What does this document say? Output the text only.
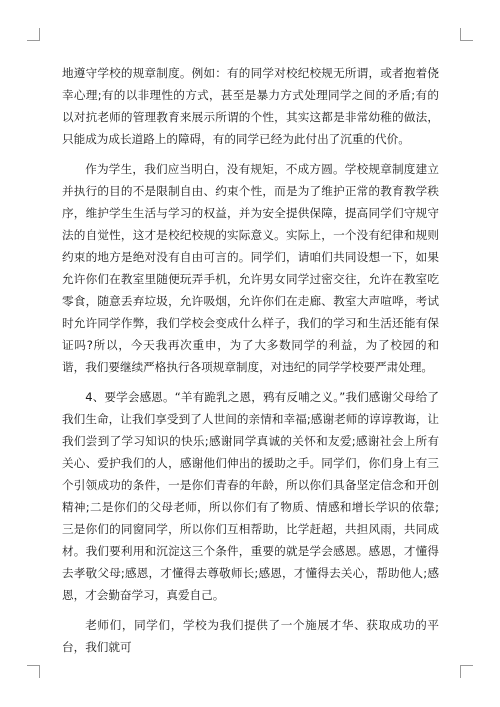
地遵守学校的规章制度。例如：有的同学对校纪校规无所谓，或者抱着侥幸心理;有的以非理性的方式，甚至是暴力方式处理同学之间的矛盾;有的以对抗老师的管理教育来展示所谓的个性，其实这都是非常幼稚的做法，只能成为成长道路上的障碍，有的同学已经为此付出了沉重的代价。

作为学生，我们应当明白，没有规矩，不成方圆。学校规章制度建立并执行的目的不是限制自由、约束个性，而是为了维护正常的教育教学秩序，维护学生生活与学习的权益，并为安全提供保障，提高同学们守规守法的自觉性，这才是校纪校规的实际意义。实际上，一个没有纪律和规则约束的地方是绝对没有自由可言的。同学们，请咱们共同设想一下，如果允许你们在教室里随便玩弄手机，允许男女同学过密交往，允许在教室吃零食，随意丢弃垃圾，允许吸烟，允许你们在走廊、教室大声喧哗，考试时允许同学作弊，我们学校会变成什么样子，我们的学习和生活还能有保证吗?所以，今天我再次重申，为了大多数同学的利益，为了校园的和谐，我们要继续严格执行各项规章制度，对违纪的同学学校要严肃处理。

4、要学会感恩。“羊有跪乳之恩，鸦有反哺之义。”我们感谢父母给了我们生命，让我们享受到了人世间的亲情和幸福;感谢老师的谆谆教诲，让我们尝到了学习知识的快乐;感谢同学真诚的关怀和友爱;感谢社会上所有关心、爱护我们的人，感谢他们伸出的援助之手。同学们，你们身上有三个引领成功的条件，一是你们青春的年龄，所以你们具备坚定信念和开创精神;二是你们的父母老师，所以你们有了物质、情感和增长学识的依靠;三是你们的同窗同学，所以你们互相帮助，比学赶超，共担风雨，共同成材。我们要利用和沉淀这三个条件，重要的就是学会感恩。感恩，才懂得去孝敬父母;感恩，才懂得去尊敬师长;感恩，才懂得去关心，帮助他人;感恩，才会勤奋学习，真爱自己。

老师们，同学们，学校为我们提供了一个施展才华、获取成功的平台，我们就可
